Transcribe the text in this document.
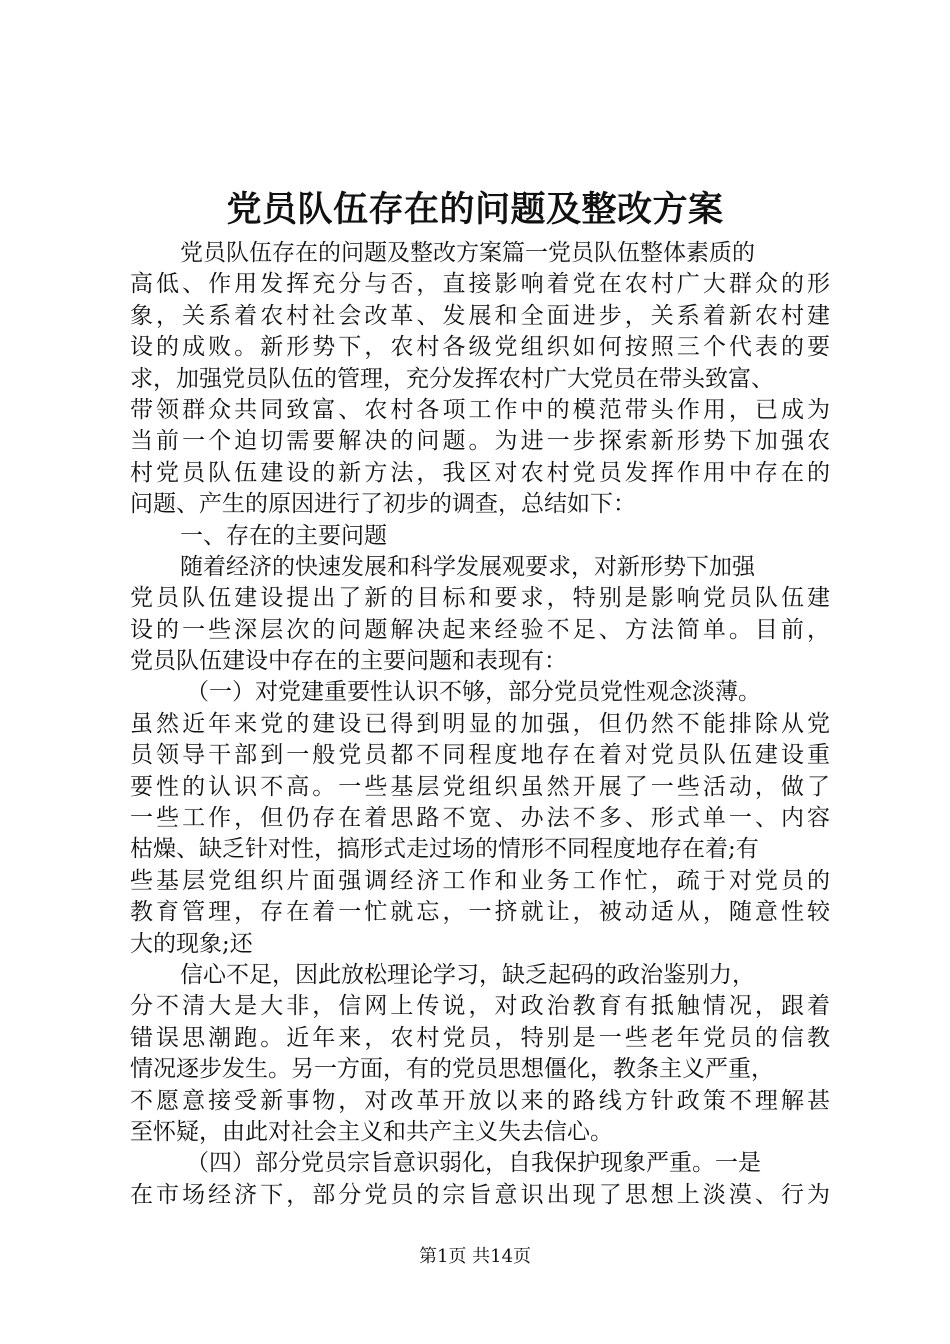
党员队伍存在的问题及整改方案
党员队伍存在的问题及整改方案篇一党员队伍整体素质的
高低、作用发挥充分与否，直接影响着党在农村广大群众的形
象，关系着农村社会改革、发展和全面进步，关系着新农村建
设的成败。新形势下，农村各级党组织如何按照三个代表的要
求，加强党员队伍的管理，充分发挥农村广大党员在带头致富、
带领群众共同致富、农村各项工作中的模范带头作用，已成为
当前一个迫切需要解决的问题。为进一步探索新形势下加强农
村党员队伍建设的新方法，我区对农村党员发挥作用中存在的
问题、产生的原因进行了初步的调查，总结如下：
一、存在的主要问题
随着经济的快速发展和科学发展观要求，对新形势下加强
党员队伍建设提出了新的目标和要求，特别是影响党员队伍建
设的一些深层次的问题解决起来经验不足、方法简单。目前，
党员队伍建设中存在的主要问题和表现有：
（一）对党建重要性认识不够，部分党员党性观念淡薄。
虽然近年来党的建设已得到明显的加强，但仍然不能排除从党
员领导干部到一般党员都不同程度地存在着对党员队伍建设重
要性的认识不高。一些基层党组织虽然开展了一些活动，做了
一些工作，但仍存在着思路不宽、办法不多、形式单一、内容
枯燥、缺乏针对性，搞形式走过场的情形不同程度地存在着;有
些基层党组织片面强调经济工作和业务工作忙，疏于对党员的
教育管理，存在着一忙就忘，一挤就让，被动适从，随意性较
大的现象;还
信心不足，因此放松理论学习，缺乏起码的政治鉴别力，
分不清大是大非，信网上传说，对政治教育有抵触情况，跟着
错误思潮跑。近年来，农村党员，特别是一些老年党员的信教
情况逐步发生。另一方面，有的党员思想僵化，教条主义严重，
不愿意接受新事物，对改革开放以来的路线方针政策不理解甚
至怀疑，由此对社会主义和共产主义失去信心。
（四）部分党员宗旨意识弱化，自我保护现象严重。一是
在市场经济下，部分党员的宗旨意识出现了思想上淡漠、行为
第1页 共14页
